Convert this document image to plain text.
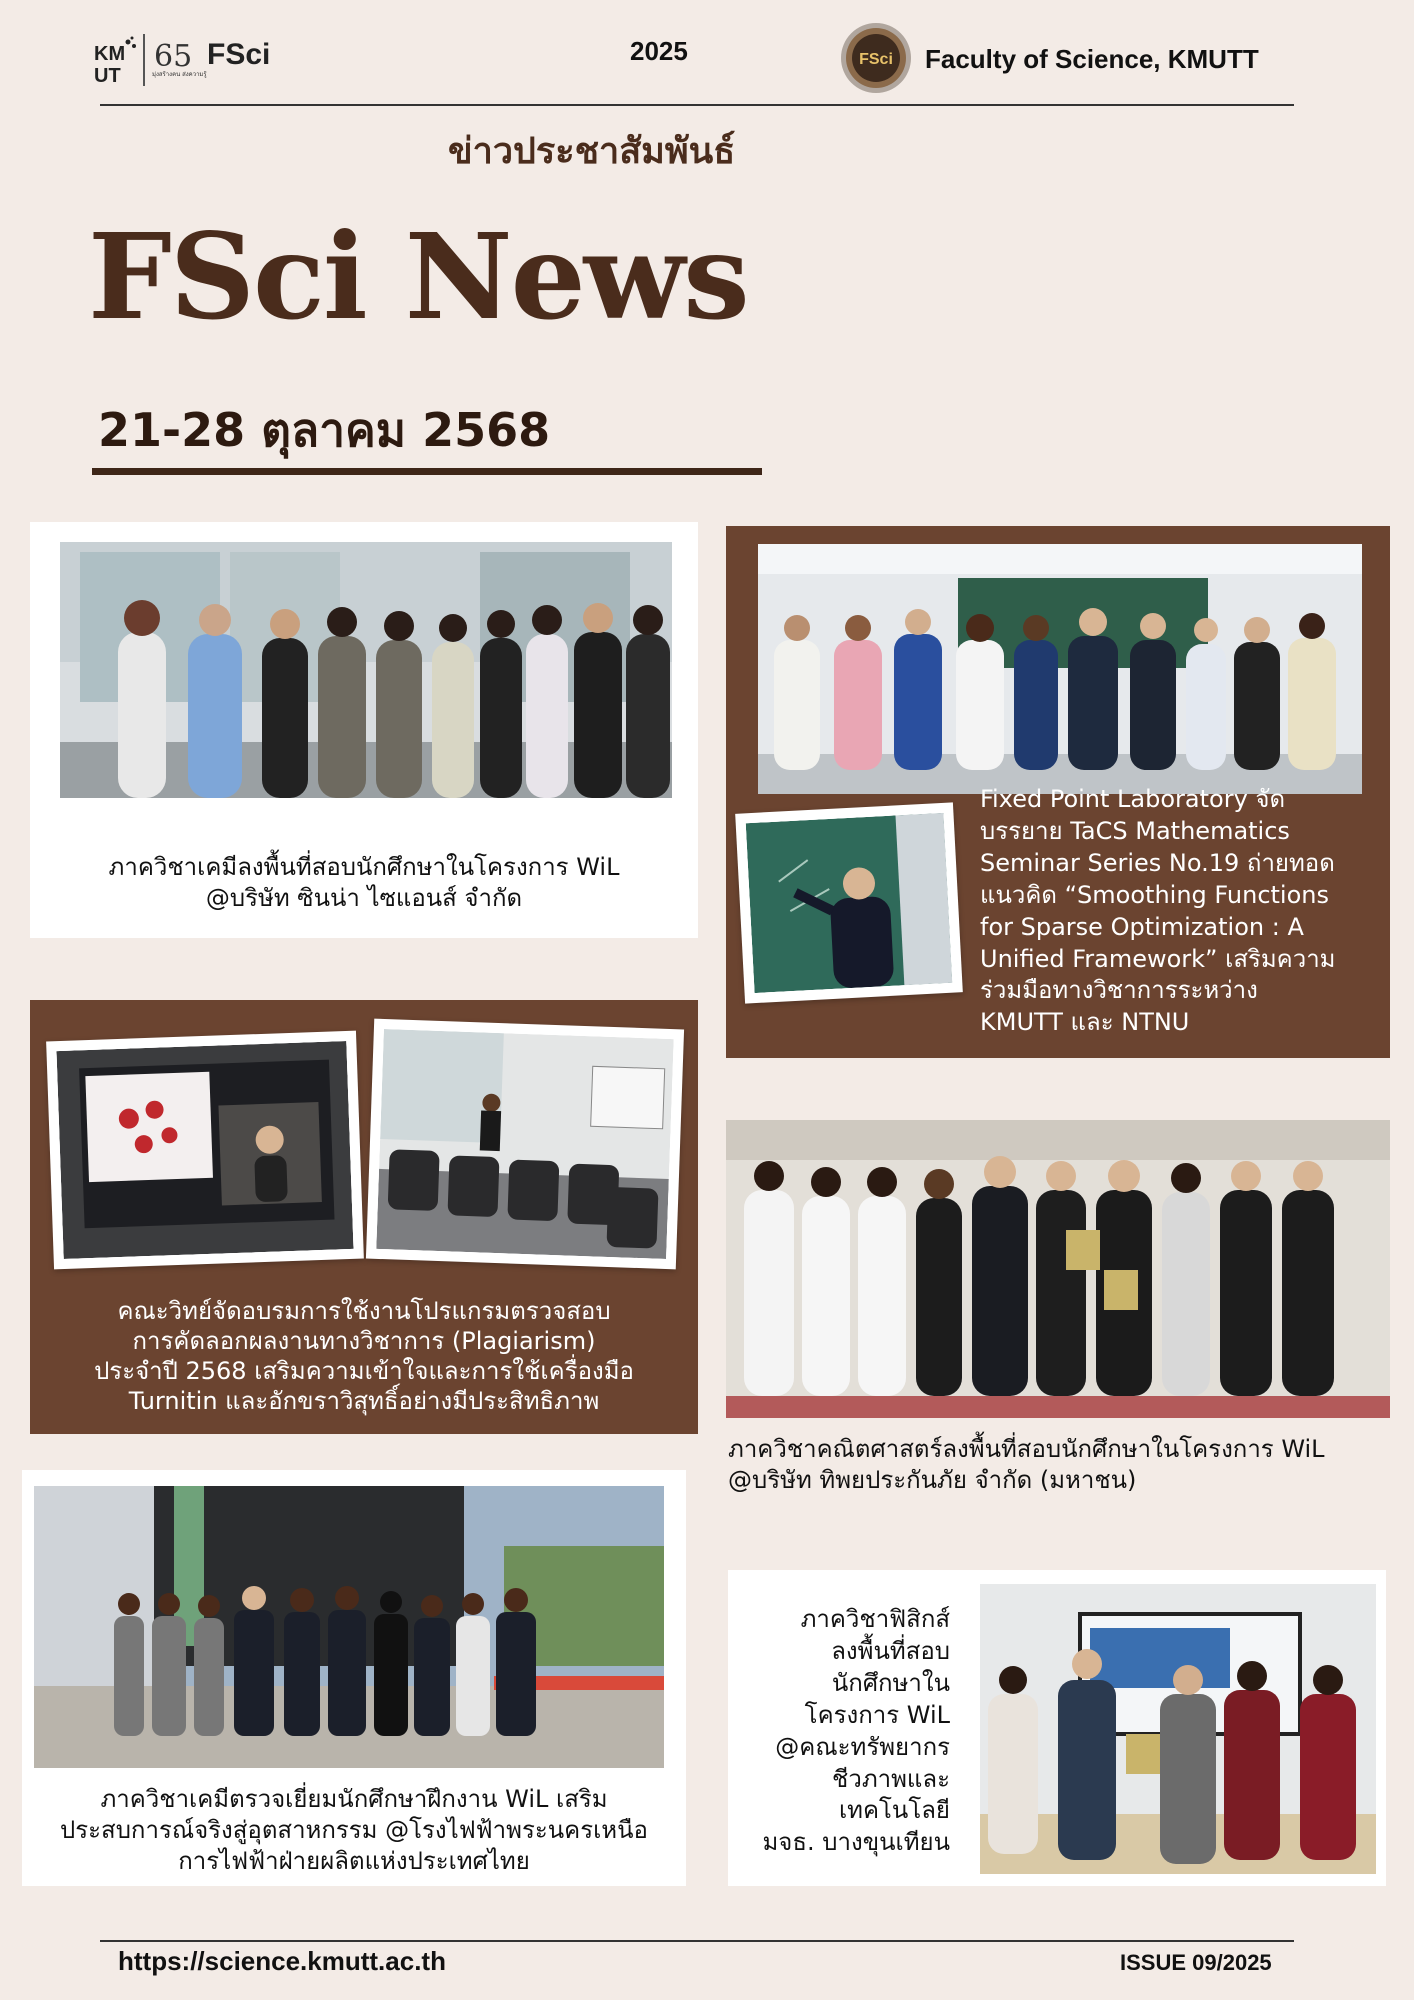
KM
UT
65
มุ่งสร้างคน ส่งความรู้
FSci	2025	FSci Faculty of Science, KMUTT
ข่าวประชาสัมพันธ์
FSci News
21-28 ตุลาคม 2568
ภาควิชาเคมีลงพื้นที่สอบนักศึกษาในโครงการ WiL
@บริษัท ซินน่า ไซแอนส์ จำกัด
Fixed Point Laboratory จัด
บรรยาย TaCS Mathematics
Seminar Series No.19 ถ่ายทอด
แนวคิด “Smoothing Functions
for Sparse Optimization : A
Unified Framework” เสริมความ
ร่วมมือทางวิชาการระหว่าง
KMUTT และ NTNU
คณะวิทย์จัดอบรมการใช้งานโปรแกรมตรวจสอบ
การคัดลอกผลงานทางวิชาการ (Plagiarism)
ประจำปี 2568 เสริมความเข้าใจและการใช้เครื่องมือ
Turnitin และอักขราวิสุทธิ์อย่างมีประสิทธิภาพ
ภาควิชาคณิตศาสตร์ลงพื้นที่สอบนักศึกษาในโครงการ WiL
@บริษัท ทิพยประกันภัย จำกัด (มหาชน)
ภาควิชาเคมีตรวจเยี่ยมนักศึกษาฝึกงาน WiL เสริม
ประสบการณ์จริงสู่อุตสาหกรรม @โรงไฟฟ้าพระนครเหนือ
การไฟฟ้าฝ่ายผลิตแห่งประเทศไทย
ภาควิชาฟิสิกส์
ลงพื้นที่สอบ
นักศึกษาใน
โครงการ WiL
@คณะทรัพยากร
ชีวภาพและ
เทคโนโลยี
มจธ. บางขุนเทียน
https://science.kmutt.ac.th	ISSUE 09/2025
